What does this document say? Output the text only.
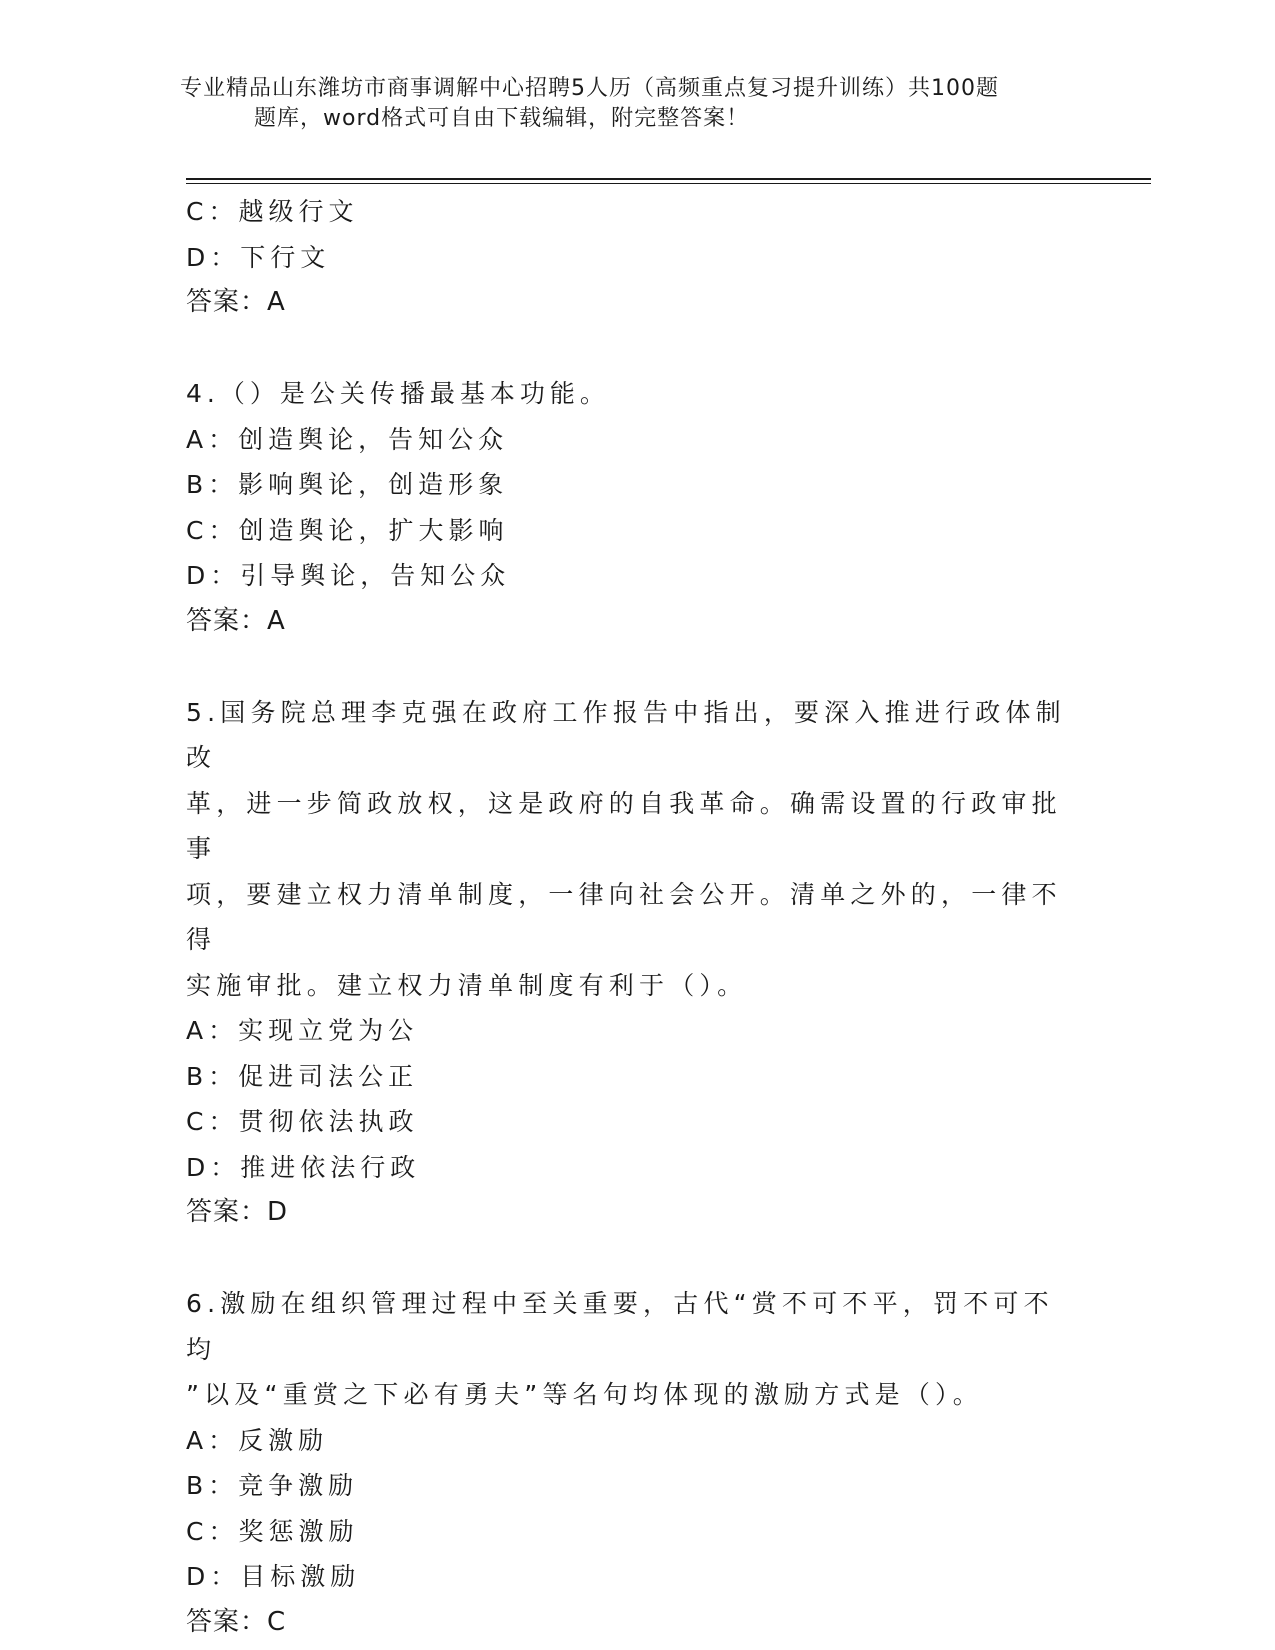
专业精品山东潍坊市商事调解中心招聘5人历（高频重点复习提升训练）共100题
题库，word格式可自由下载编辑，附完整答案！
C：越级行文
D：下行文
答案：A
4.（）是公关传播最基本功能。
A：创造舆论，告知公众
B：影响舆论，创造形象
C：创造舆论，扩大影响
D：引导舆论，告知公众
答案：A
5.国务院总理李克强在政府工作报告中指出，要深入推进行政体制改
革，进一步简政放权，这是政府的自我革命。确需设置的行政审批事
项，要建立权力清单制度，一律向社会公开。清单之外的，一律不得
实施审批。建立权力清单制度有利于（）。
A：实现立党为公
B：促进司法公正
C：贯彻依法执政
D：推进依法行政
答案：D
6.激励在组织管理过程中至关重要，古代“赏不可不平，罚不可不均
”以及“重赏之下必有勇夫”等名句均体现的激励方式是（）。
A：反激励
B：竞争激励
C：奖惩激励
D：目标激励
答案：C
